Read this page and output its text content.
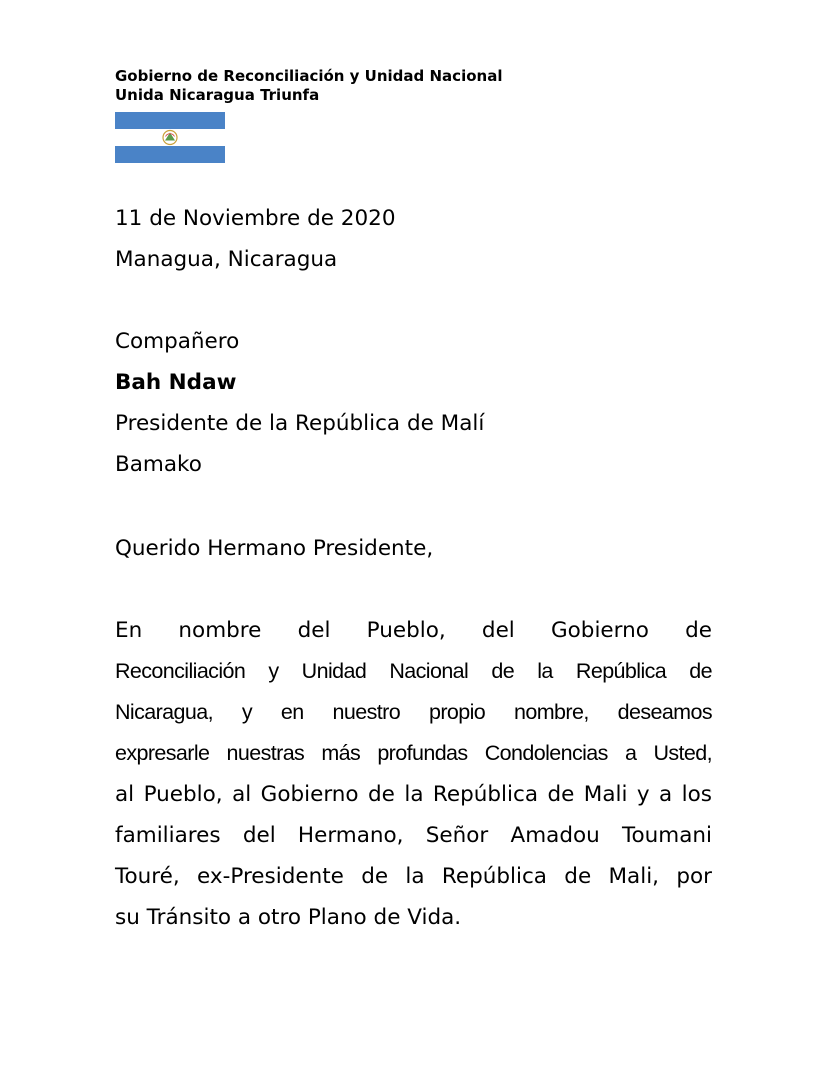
Gobierno de Reconciliación y Unidad Nacional
Unida Nicaragua Triunfa
11 de Noviembre de 2020
Managua, Nicaragua
Compañero
Bah Ndaw
Presidente de la República de Malí
Bamako
Querido Hermano Presidente,
En nombre del Pueblo, del Gobierno de
Reconciliación y Unidad Nacional de la República de
Nicaragua, y en nuestro propio nombre, deseamos
expresarle nuestras más profundas Condolencias a Usted,
al Pueblo, al Gobierno de la República de Mali y a los
familiares del Hermano, Señor Amadou Toumani
Touré, ex-Presidente de la República de Mali, por
su Tránsito a otro Plano de Vida.
